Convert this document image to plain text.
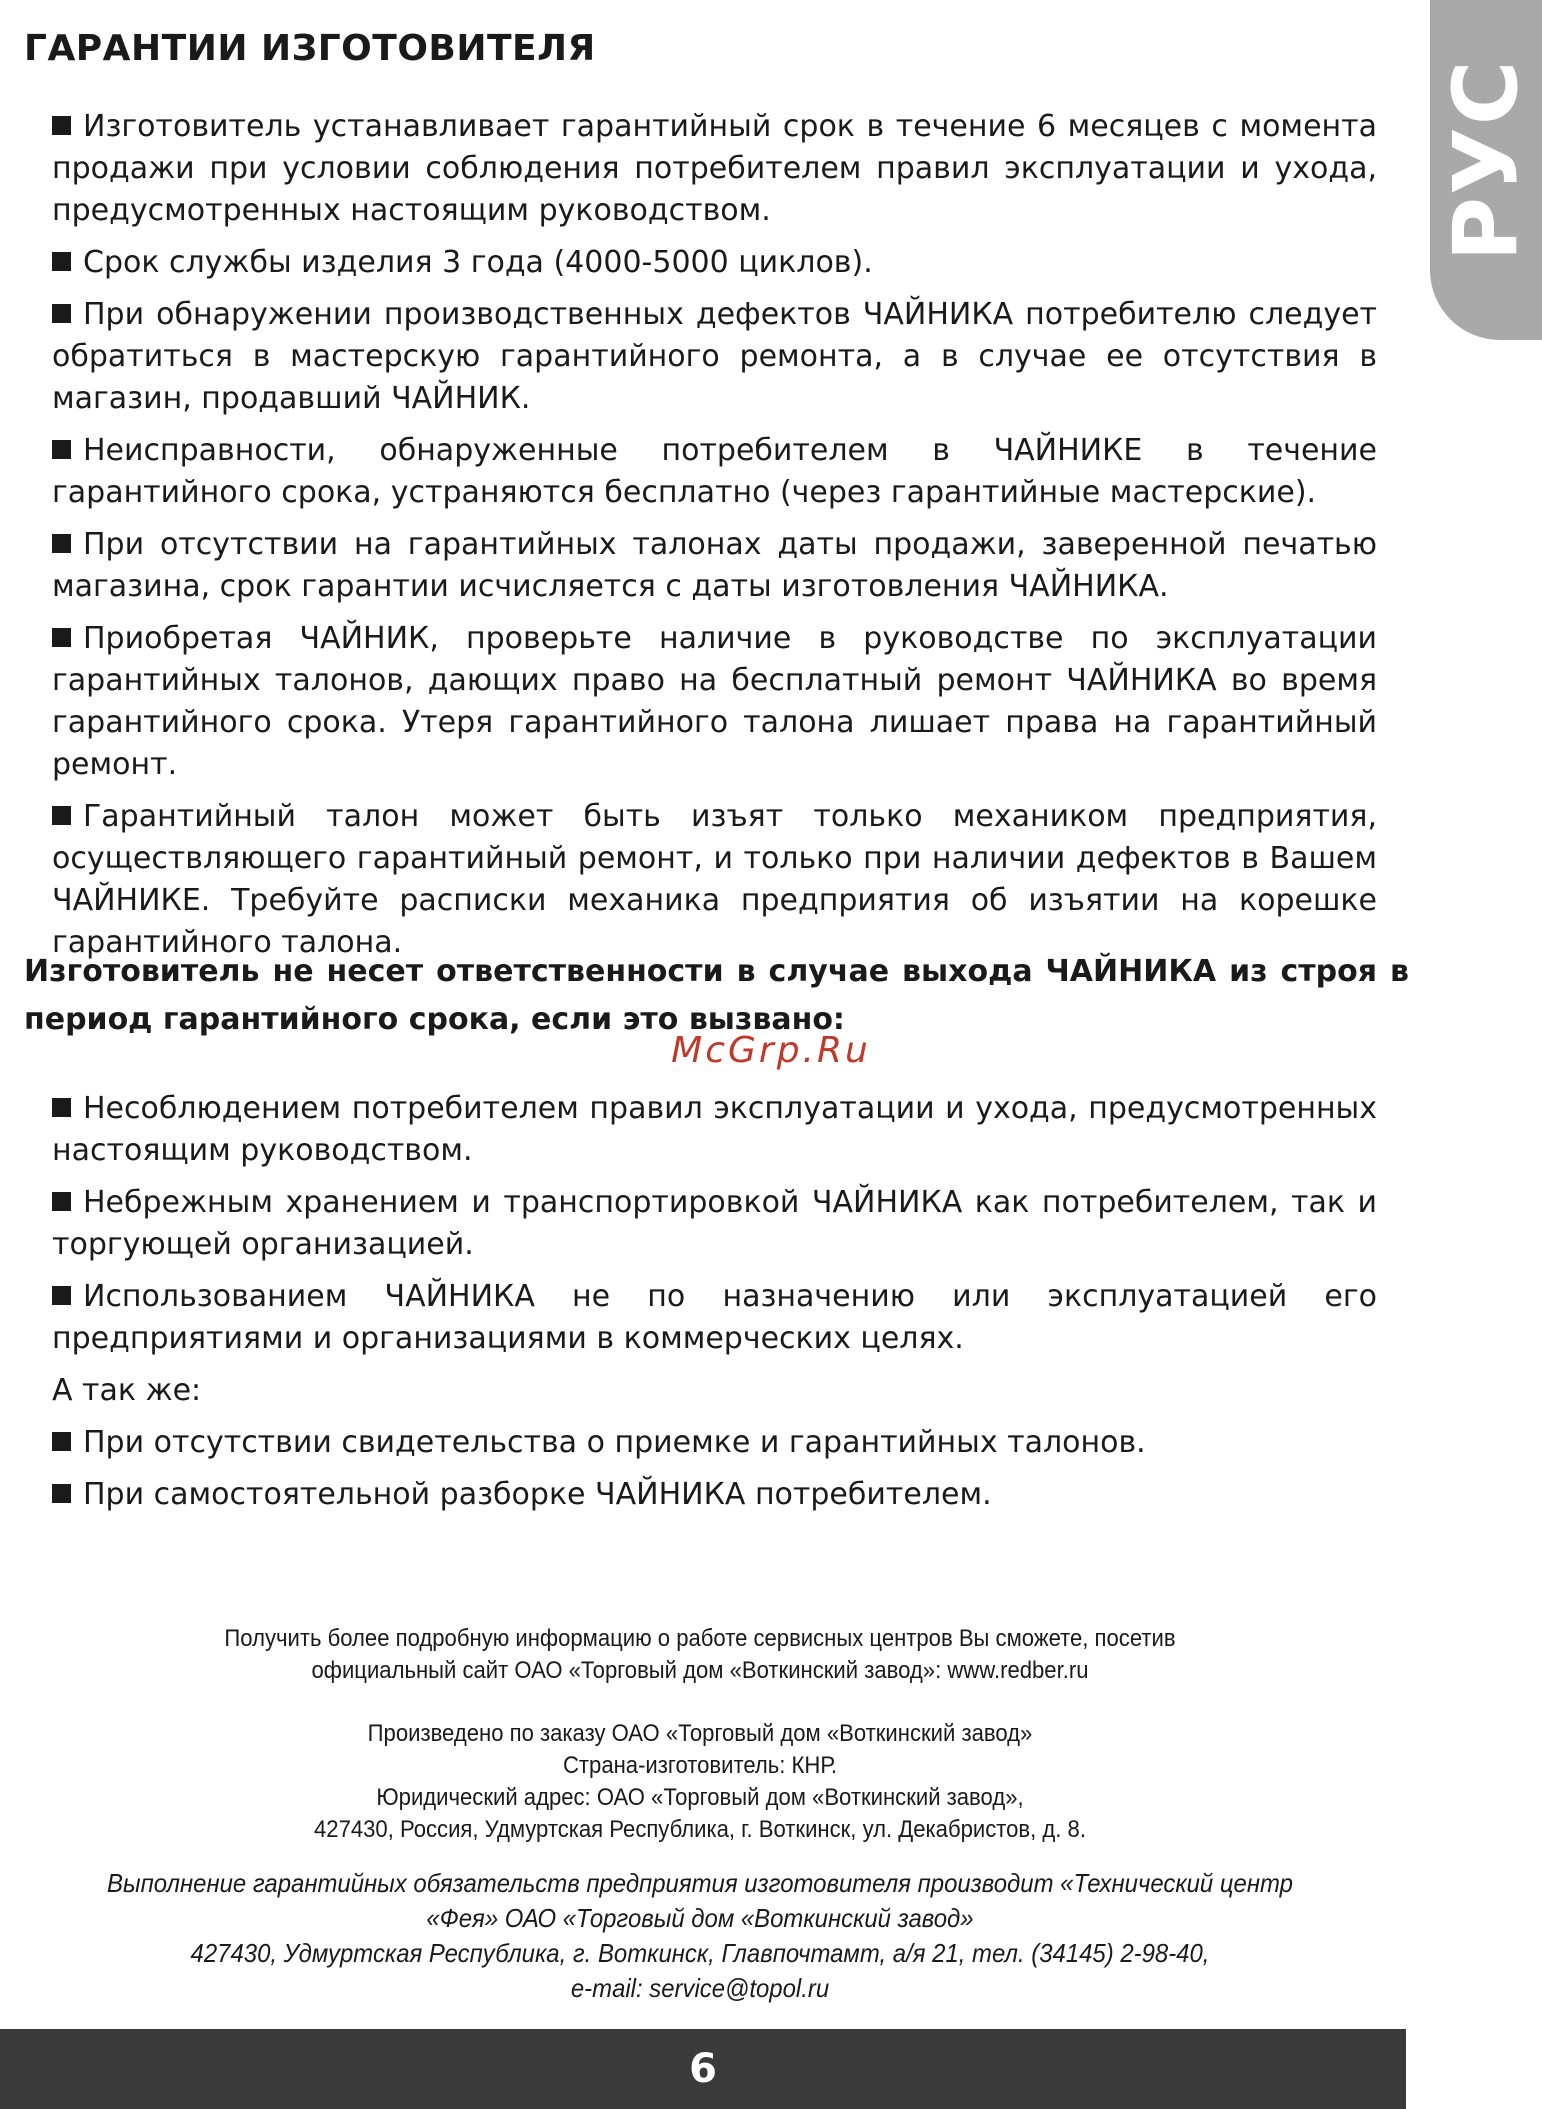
РУС
ГАРАНТИИ ИЗГОТОВИТЕЛЯ

Изготовитель устанавливает гарантийный срок в течение 6 месяцев с момента продажи при условии соблюдения потребителем правил эксплуатации и ухода, предусмотренных настоящим руководством.

Срок службы изделия 3 года (4000-5000 циклов).

При обнаружении производственных дефектов ЧАЙНИКА потребителю следует обратиться в мастерскую гарантийного ремонта, а в случае ее отсутствия в магазин, продавший ЧАЙНИК.

Неисправности, обнаруженные потребителем в ЧАЙНИКЕ в течение гарантийного срока, устраняются бесплатно (через гарантийные мастерские).

При отсутствии на гарантийных талонах даты продажи, заверенной печатью магазина, срок гарантии исчисляется с даты изготовления ЧАЙНИКА.

Приобретая ЧАЙНИК, проверьте наличие в руководстве по эксплуатации гарантийных талонов, дающих право на бесплатный ремонт ЧАЙНИКА во время гарантийного срока. Утеря гарантийного талона лишает права на гарантийный ремонт.

Гарантийный талон может быть изъят только механиком предприятия, осуществляющего гарантийный ремонт, и только при наличии дефектов в Вашем ЧАЙНИКЕ. Требуйте расписки механика предприятия об изъятии на корешке гарантийного талона.

Изготовитель не несет ответственности в случае выхода ЧАЙНИКА из строя в период гарантийного срока, если это вызвано:

McGrp.Ru

Несоблюдением потребителем правил эксплуатации и ухода, предусмотренных настоящим руководством.

Небрежным хранением и транспортировкой ЧАЙНИКА как потребителем, так и торгующей организацией.

Использованием ЧАЙНИКА не по назначению или эксплуатацией его предприятиями и организациями в коммерческих целях.

А так же:

При отсутствии свидетельства о приемке и гарантийных талонов.

При самостоятельной разборке ЧАЙНИКА потребителем.

Получить более подробную информацию о работе сервисных центров Вы сможете, посетив
официальный сайт ОАО «Торговый дом «Воткинский завод»: www.redber.ru
Произведено по заказу ОАО «Торговый дом «Воткинский завод»
Страна-изготовитель: КНР.
Юридический адрес: ОАО «Торговый дом «Воткинский завод»,
427430, Россия, Удмуртская Республика, г. Воткинск, ул. Декабристов, д. 8.
Выполнение гарантийных обязательств предприятия изготовителя производит «Технический центр
«Фея» ОАО «Торговый дом «Воткинский завод»
427430, Удмуртская Республика, г. Воткинск, Главпочтамт, а/я 21, тел. (34145) 2-98-40,
e-mail: service@topol.ru
6
